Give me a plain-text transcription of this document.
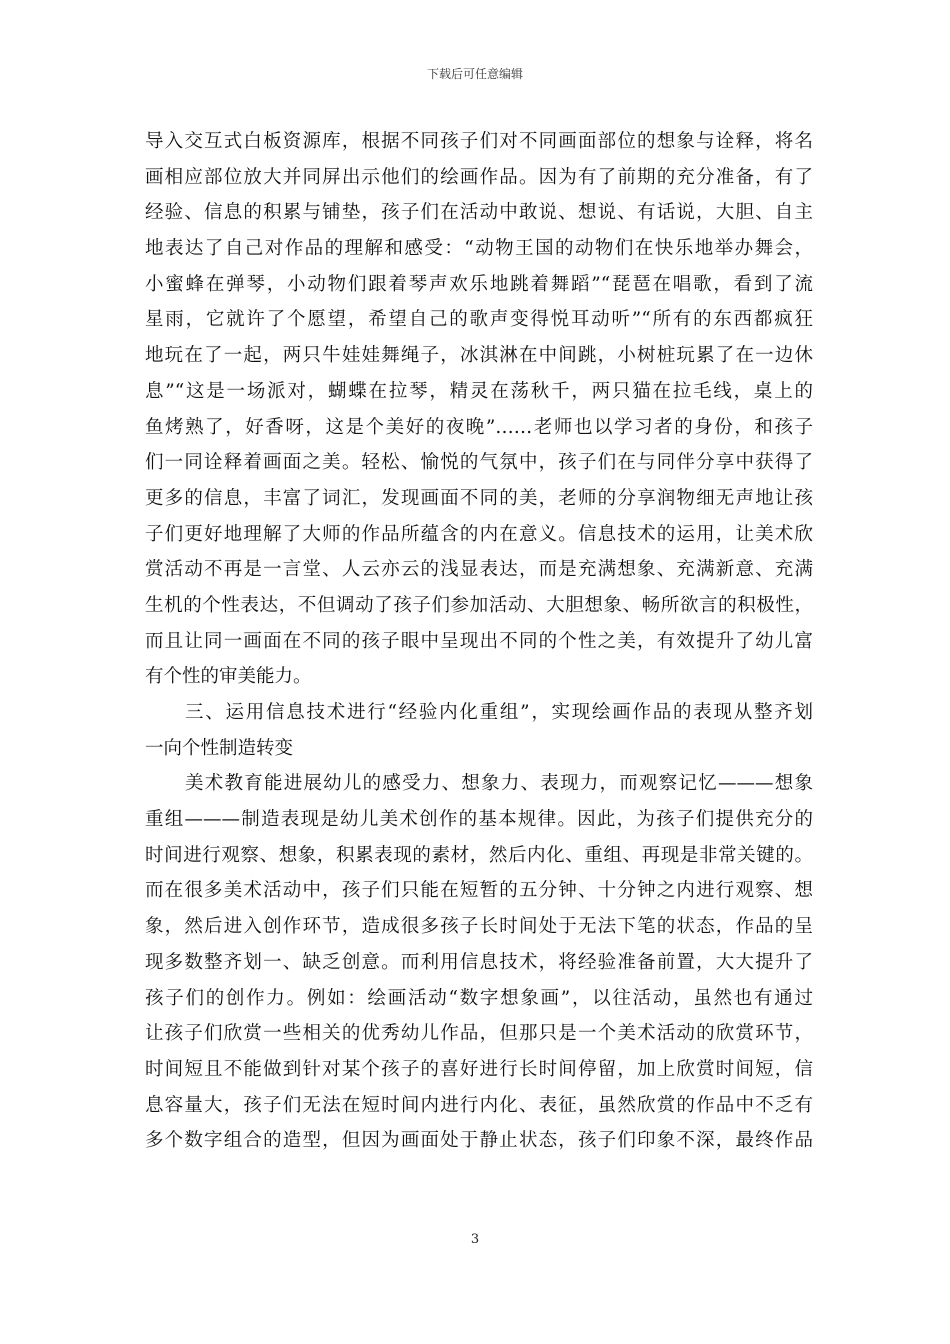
下载后可任意编辑
导入交互式白板资源库，根据不同孩子们对不同画面部位的想象与诠释，将名
画相应部位放大并同屏出示他们的绘画作品。因为有了前期的充分准备，有了
经验、信息的积累与铺垫，孩子们在活动中敢说、想说、有话说，大胆、自主
地表达了自己对作品的理解和感受：“动物王国的动物们在快乐地举办舞会，
小蜜蜂在弹琴，小动物们跟着琴声欢乐地跳着舞蹈”“琵琶在唱歌，看到了流
星雨，它就许了个愿望，希望自己的歌声变得悦耳动听”“所有的东西都疯狂
地玩在了一起，两只牛娃娃舞绳子，冰淇淋在中间跳，小树桩玩累了在一边休
息”“这是一场派对，蝴蝶在拉琴，精灵在荡秋千，两只猫在拉毛线，桌上的
鱼烤熟了，好香呀，这是个美好的夜晚”……老师也以学习者的身份，和孩子
们一同诠释着画面之美。轻松、愉悦的气氛中，孩子们在与同伴分享中获得了
更多的信息，丰富了词汇，发现画面不同的美，老师的分享润物细无声地让孩
子们更好地理解了大师的作品所蕴含的内在意义。信息技术的运用，让美术欣
赏活动不再是一言堂、人云亦云的浅显表达，而是充满想象、充满新意、充满
生机的个性表达，不但调动了孩子们参加活动、大胆想象、畅所欲言的积极性，
而且让同一画面在不同的孩子眼中呈现出不同的个性之美，有效提升了幼儿富
有个性的审美能力。
三、运用信息技术进行“经验内化重组”，实现绘画作品的表现从整齐划
一向个性制造转变
美术教育能进展幼儿的感受力、想象力、表现力，而观察记忆———想象
重组———制造表现是幼儿美术创作的基本规律。因此，为孩子们提供充分的
时间进行观察、想象，积累表现的素材，然后内化、重组、再现是非常关键的。
而在很多美术活动中，孩子们只能在短暂的五分钟、十分钟之内进行观察、想
象，然后进入创作环节，造成很多孩子长时间处于无法下笔的状态，作品的呈
现多数整齐划一、缺乏创意。而利用信息技术，将经验准备前置，大大提升了
孩子们的创作力。例如：绘画活动“数字想象画”，以往活动，虽然也有通过
让孩子们欣赏一些相关的优秀幼儿作品，但那只是一个美术活动的欣赏环节，
时间短且不能做到针对某个孩子的喜好进行长时间停留，加上欣赏时间短，信
息容量大，孩子们无法在短时间内进行内化、表征，虽然欣赏的作品中不乏有
多个数字组合的造型，但因为画面处于静止状态，孩子们印象不深，最终作品
3
